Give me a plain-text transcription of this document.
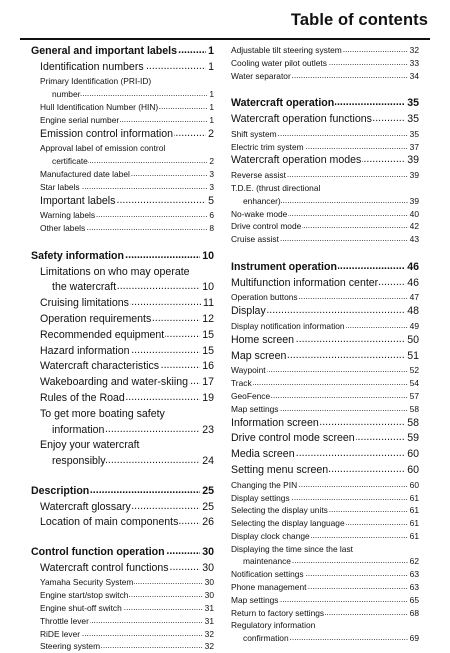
Table of contents
General and important labels	1
.....
Identification numbers	1
.....
Primary Identification (PRI-ID)
number	1
.....
Hull Identification Number (HIN)	1
.....
Engine serial number	1
.....
Emission control information	2
.....
Approval label of emission control
certificate	2
.....
Manufactured date label	3
.....
Star labels	3
.....
Important labels	5
.....
Warning labels	6
.....
Other labels	8
.....
Safety information	10
.....
Limitations on who may operate
the watercraft	10
.....
Cruising limitations	11
.....
Operation requirements	12
.....
Recommended equipment	15
.....
Hazard information	15
.....
Watercraft characteristics	16
.....
Wakeboarding and water-skiing 17
.....
Rules of the Road	19
.....
To get more boating safety
information	23
.....
Enjoy your watercraft
responsibly	24
.....
Description	25
.....
Watercraft glossary	25
.....
Location of main components 26
.....
Control function operation	30
.....
Watercraft control functions	30
.....
Yamaha Security System	30
.....
Engine start/stop switch	30
.....
Engine shut-off switch	31
.....
Throttle lever	31
.....
RiDE lever	32
.....
Steering system	32
.....
Adjustable tilt steering system	32
.....
Cooling water pilot outlets	33
.....
Water separator	34
.....
Watercraft operation	35
.....
Watercraft operation functions	35
.....
Shift system	35
.....
Electric trim system	37
.....
Watercraft operation modes	39
.....
Reverse assist	39
.....
T.D.E. (thrust directional
enhancer)	39
.....
No-wake mode	40
.....
Drive control mode	42
.....
Cruise assist	43
.....
Instrument operation	46
.....
Multifunction information center	46
.....
Operation buttons	47
.....
Display	48
.....
Display notification information	49
.....
Home screen	50
.....
Map screen	51
.....
Waypoint	52
.....
Track	54
.....
GeoFence	57
.....
Map settings	58
.....
Information screen	58
.....
Drive control mode screen	59
.....
Media screen	60
.....
Setting menu screen	60
.....
Changing the PIN	60
.....
Display settings	61
.....
Selecting the display units	61
.....
Selecting the display language	61
.....
Display clock change	61
.....
Displaying the time since the last
maintenance	62
.....
Notification settings	63
.....
Phone management	63
.....
Map settings	65
.....
Return to factory settings	68
.....
Regulatory information
confirmation	69
.....
